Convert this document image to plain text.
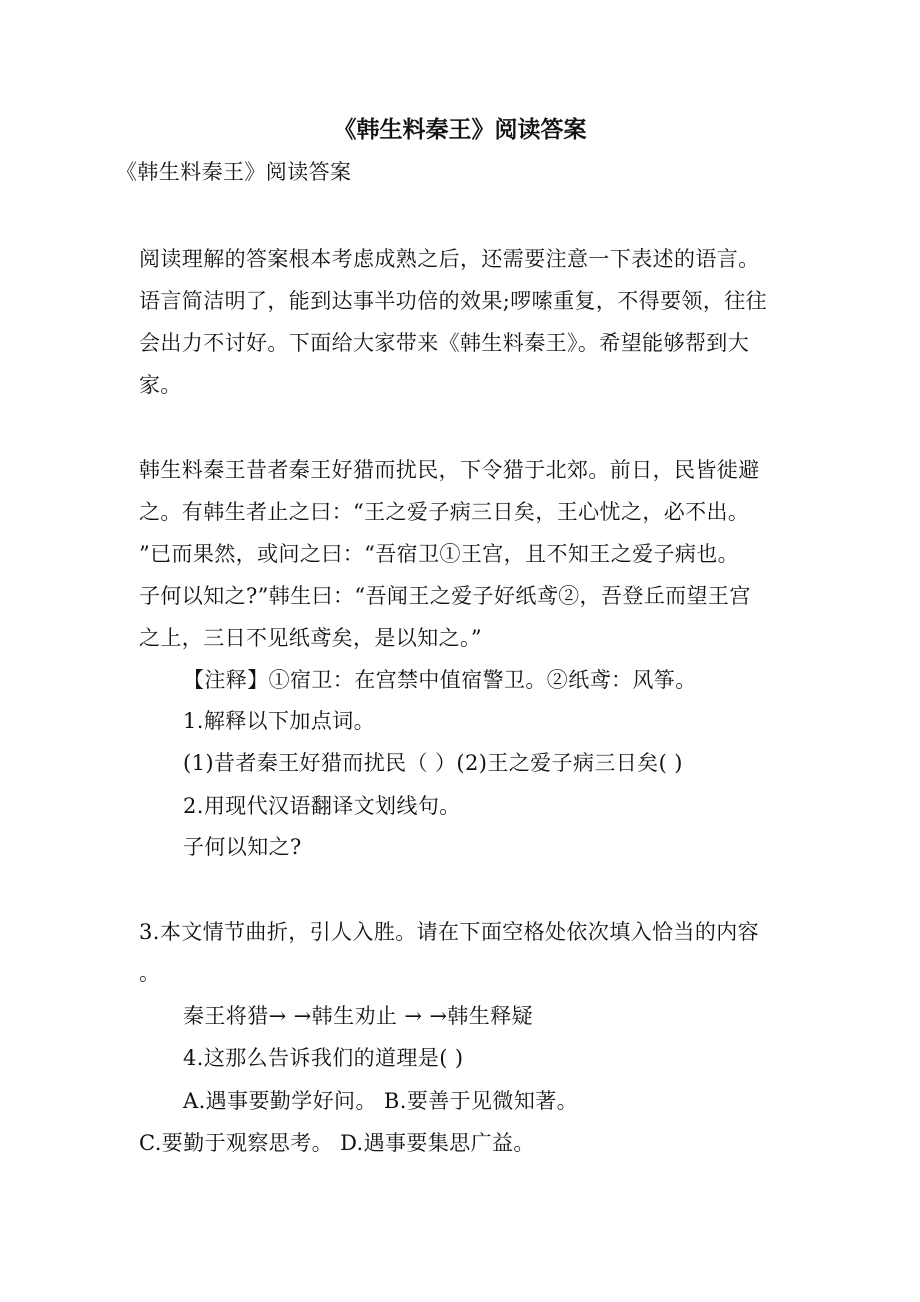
《韩生料秦王》阅读答案
《韩生料秦王》阅读答案
阅读理解的答案根本考虑成熟之后，还需要注意一下表述的语言。
语言简洁明了，能到达事半功倍的效果;啰嗦重复，不得要领，往往
会出力不讨好。下面给大家带来《韩生料秦王》。希望能够帮到大
家。
韩生料秦王昔者秦王好猎而扰民，下令猎于北郊。前日，民皆徙避
之。有韩生者止之曰：“王之爱子病三日矣，王心忧之，必不出。
”已而果然，或问之曰：“吾宿卫①王宫，且不知王之爱子病也。
子何以知之?”韩生曰：“吾闻王之爱子好纸鸢②，吾登丘而望王宫
之上，三日不见纸鸢矣，是以知之。”
【注释】①宿卫：在宫禁中值宿警卫。②纸鸢：风筝。
1.解释以下加点词。
(1)昔者秦王好猎而扰民（ ）(2)王之爱子病三日矣( )
2.用现代汉语翻译文划线句。
子何以知之?
3.本文情节曲折，引人入胜。请在下面空格处依次填入恰当的内容
。
秦王将猎→ →韩生劝止 → →韩生释疑
4.这那么告诉我们的道理是( )
A.遇事要勤学好问。 B.要善于见微知著。
C.要勤于观察思考。 D.遇事要集思广益。
